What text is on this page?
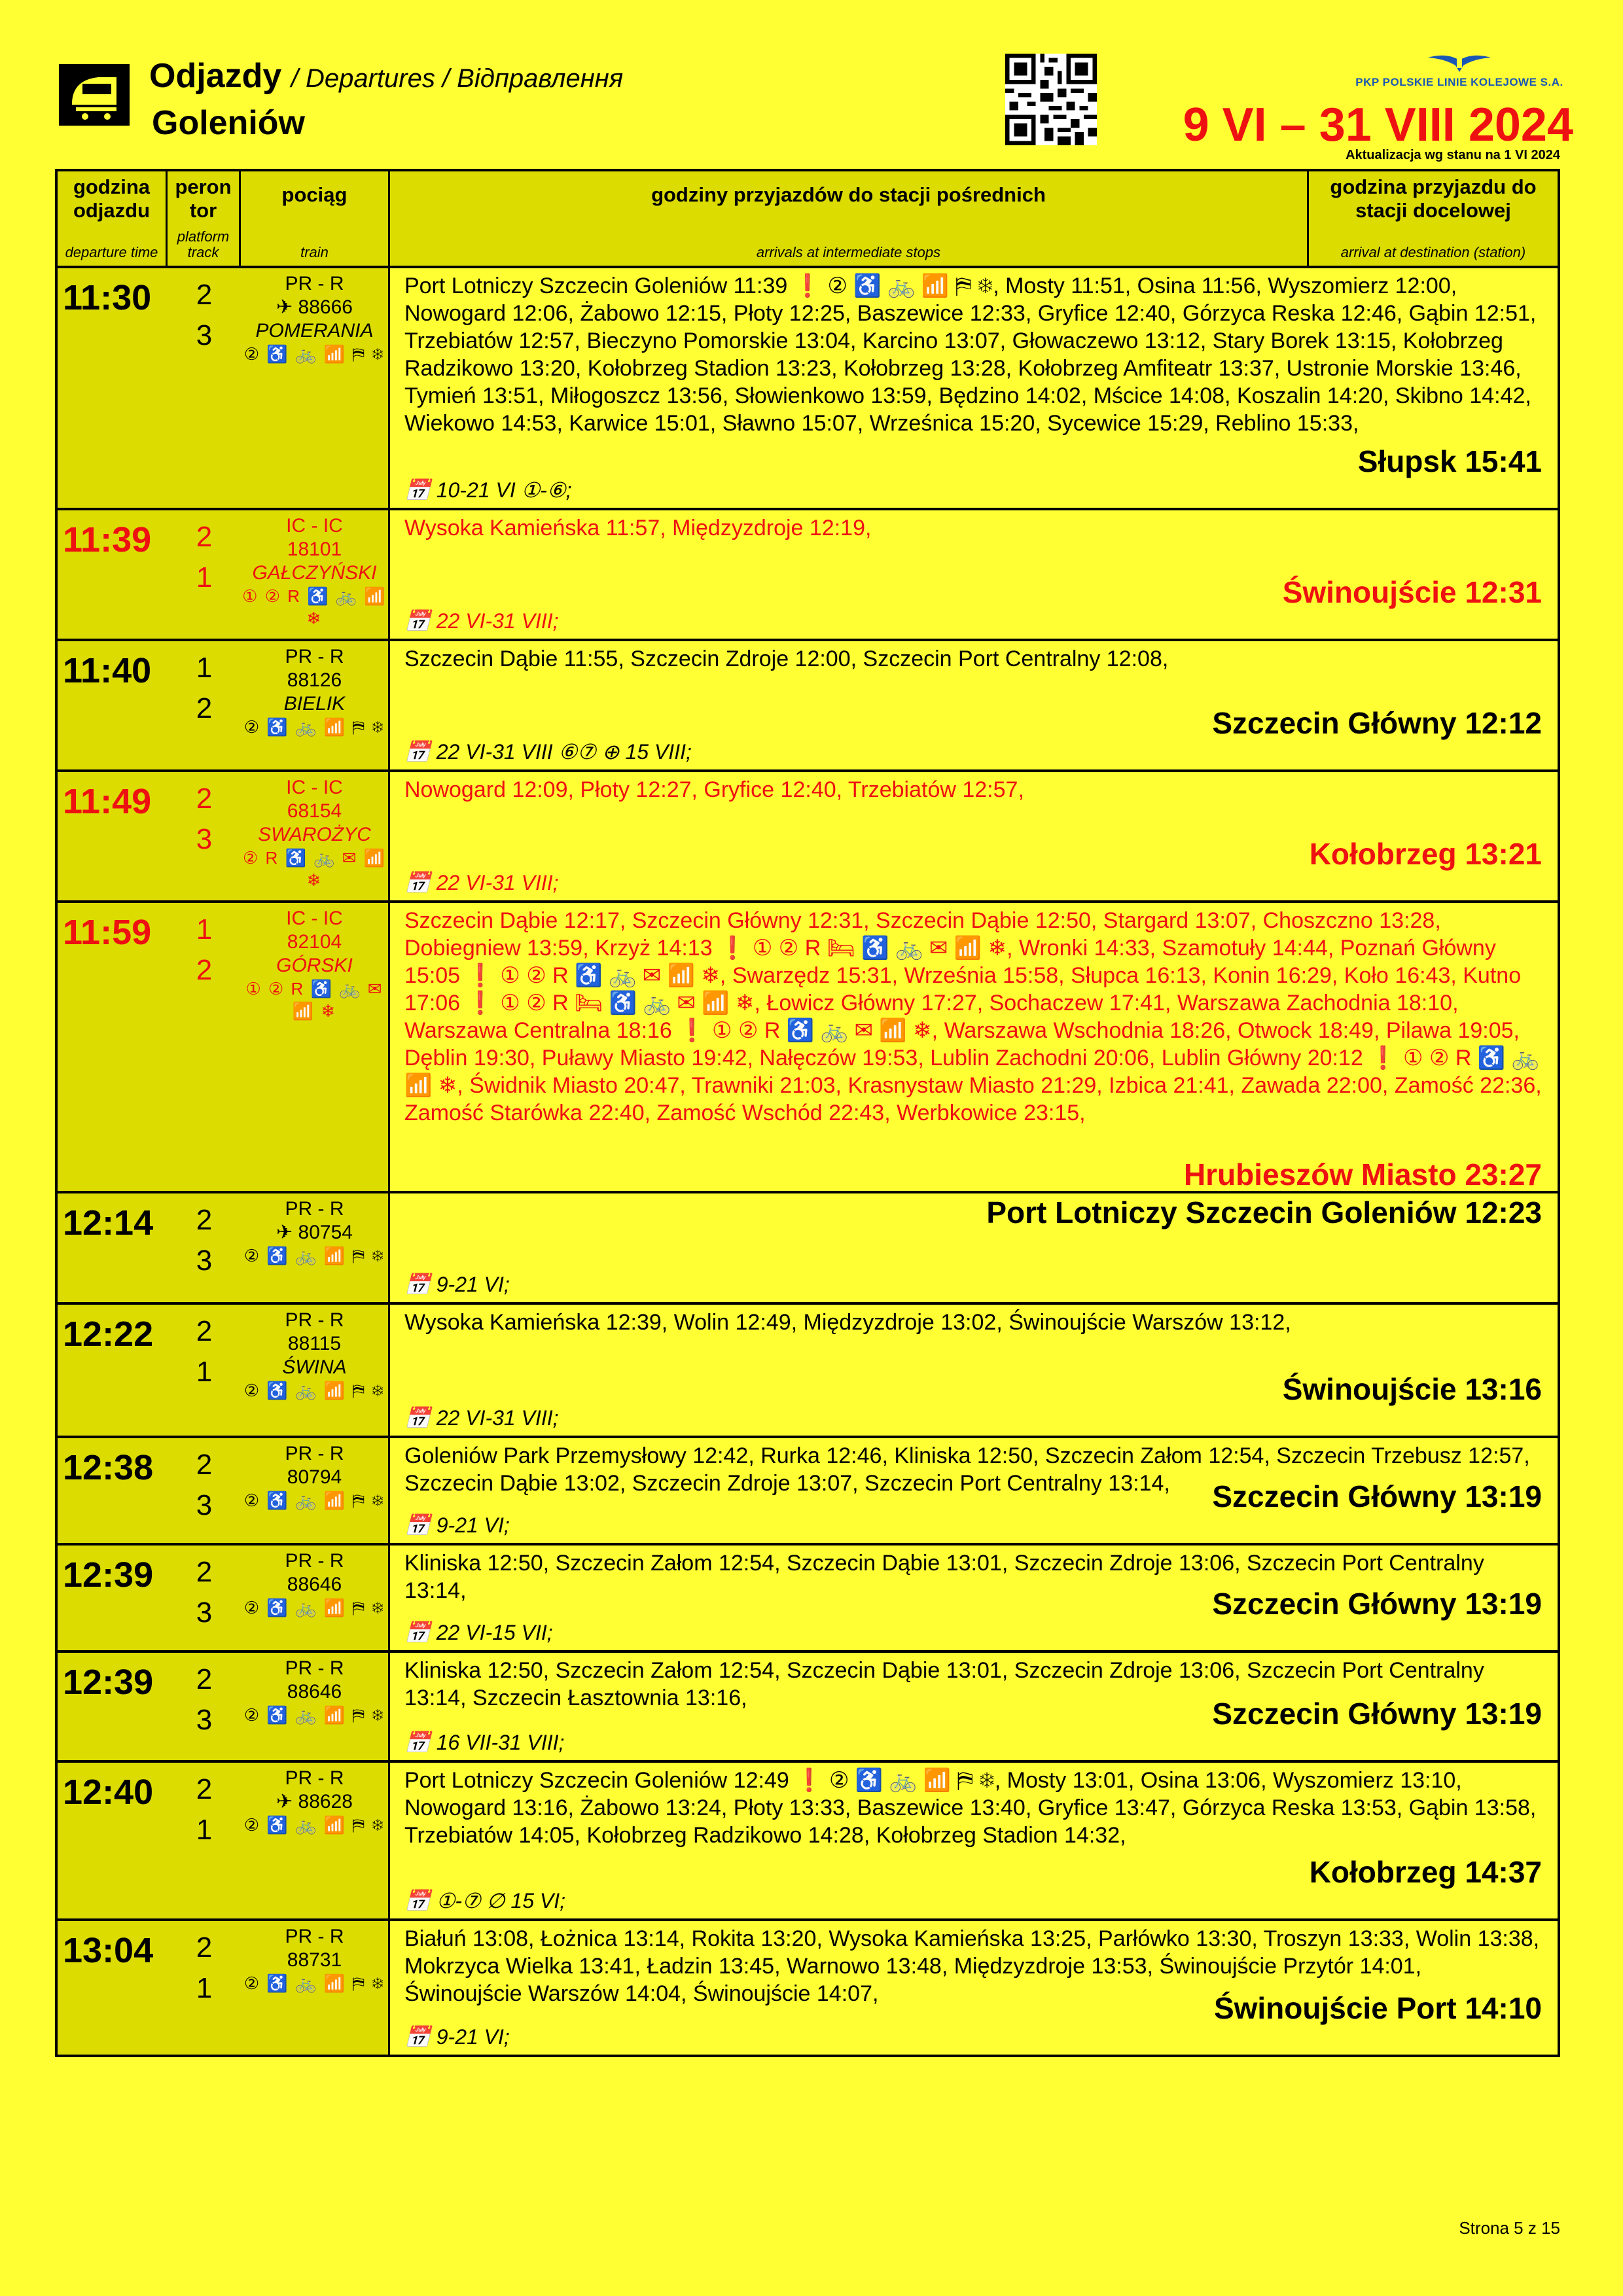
Odjazdy / Departures / Відправлення
Goleniów
PKP POLSKIE LINIE KOLEJOWE S.A.
9 VI – 31 VIII 2024
Aktualizacja wg stanu na 1 VI 2024
godzina odjazdu
departure time
peron tor
platform track
pociąg
train
godziny przyjazdów do stacji pośrednich
arrivals at intermediate stops
godzina przyjazdu do stacji docelowej
arrival at destination (station)
11:30	2
3
PR - R
✈ 88666
POMERANIA
② ♿ 🚲 📶 ⛿ ❄
Port Lotniczy Szczecin Goleniów 11:39 ❗ ② ♿ 🚲 📶 ⛿ ❄, Mosty 11:51, Osina 11:56, Wyszomierz 12:00, Nowogard 12:06, Żabowo 12:15, Płoty 12:25, Baszewice 12:33, Gryfice 12:40, Górzyca Reska 12:46, Gąbin 12:51, Trzebiatów 12:57, Bieczyno Pomorskie 13:04, Karcino 13:07, Głowaczewo 13:12, Stary Borek 13:15, Kołobrzeg Radzikowo 13:20, Kołobrzeg Stadion 13:23, Kołobrzeg 13:28, Kołobrzeg Amfiteatr 13:37, Ustronie Morskie 13:46, Tymień 13:51, Miłogoszcz 13:56, Słowienkowo 13:59, Będzino 14:02, Mścice 14:08, Koszalin 14:20, Skibno 14:42, Wiekowo 14:53, Karwice 15:01, Sławno 15:07, Wrześnica 15:20, Sycewice 15:29, Reblino 15:33,
Słupsk 15:41
📅 10-21 VI ①-⑥;
11:39	2
1
IC - IC
18101
GAŁCZYŃSKI
① ② R ♿ 🚲 📶 ❄
Wysoka Kamieńska 11:57, Międzyzdroje 12:19,
Świnoujście 12:31
📅 22 VI-31 VIII;
11:40	1
2
PR - R
88126
BIELIK
② ♿ 🚲 📶 ⛿ ❄
Szczecin Dąbie 11:55, Szczecin Zdroje 12:00, Szczecin Port Centralny 12:08,
Szczecin Główny 12:12
📅 22 VI-31 VIII ⑥⑦ ⊕ 15 VIII;
11:49	2
3
IC - IC
68154
SWAROŻYC
② R ♿ 🚲 ✉ 📶 ❄
Nowogard 12:09, Płoty 12:27, Gryfice 12:40, Trzebiatów 12:57,
Kołobrzeg 13:21
📅 22 VI-31 VIII;
11:59	1
2
IC - IC
82104
GÓRSKI
① ② R ♿ 🚲 ✉ 📶 ❄
Szczecin Dąbie 12:17, Szczecin Główny 12:31, Szczecin Dąbie 12:50, Stargard 13:07, Choszczno 13:28, Dobiegniew 13:59, Krzyż 14:13 ❗ ① ② R 🛏 ♿ 🚲 ✉ 📶 ❄, Wronki 14:33, Szamotuły 14:44, Poznań Główny 15:05 ❗ ① ② R ♿ 🚲 ✉ 📶 ❄, Swarzędz 15:31, Września 15:58, Słupca 16:13, Konin 16:29, Koło 16:43, Kutno 17:06 ❗ ① ② R 🛏 ♿ 🚲 ✉ 📶 ❄, Łowicz Główny 17:27, Sochaczew 17:41, Warszawa Zachodnia 18:10, Warszawa Centralna 18:16 ❗ ① ② R ♿ 🚲 ✉ 📶 ❄, Warszawa Wschodnia 18:26, Otwock 18:49, Pilawa 19:05, Dęblin 19:30, Puławy Miasto 19:42, Nałęczów 19:53, Lublin Zachodni 20:06, Lublin Główny 20:12 ❗ ① ② R ♿ 🚲 📶 ❄, Świdnik Miasto 20:47, Trawniki 21:03, Krasnystaw Miasto 21:29, Izbica 21:41, Zawada 22:00, Zamość 22:36, Zamość Starówka 22:40, Zamość Wschód 22:43, Werbkowice 23:15,
Hrubieszów Miasto 23:27
12:14	2
3
PR - R
✈ 80754
② ♿ 🚲 📶 ⛿ ❄
Port Lotniczy Szczecin Goleniów 12:23
📅 9-21 VI;
12:22	2
1
PR - R
88115
ŚWINA
② ♿ 🚲 📶 ⛿ ❄
Wysoka Kamieńska 12:39, Wolin 12:49, Międzyzdroje 13:02, Świnoujście Warszów 13:12,
Świnoujście 13:16
📅 22 VI-31 VIII;
12:38	2
3
PR - R
80794
② ♿ 🚲 📶 ⛿ ❄
Goleniów Park Przemysłowy 12:42, Rurka 12:46, Kliniska 12:50, Szczecin Załom 12:54, Szczecin Trzebusz 12:57, Szczecin Dąbie 13:02, Szczecin Zdroje 13:07, Szczecin Port Centralny 13:14,	Szczecin Główny 13:19
📅 9-21 VI;
12:39	2
3
PR - R
88646
② ♿ 🚲 📶 ⛿ ❄
Kliniska 12:50, Szczecin Załom 12:54, Szczecin Dąbie 13:01, Szczecin Zdroje 13:06, Szczecin Port Centralny 13:14,	Szczecin Główny 13:19
📅 22 VI-15 VII;
12:39	2
3
PR - R
88646
② ♿ 🚲 📶 ⛿ ❄
Kliniska 12:50, Szczecin Załom 12:54, Szczecin Dąbie 13:01, Szczecin Zdroje 13:06, Szczecin Port Centralny 13:14, Szczecin Łasztownia 13:16,	Szczecin Główny 13:19
📅 16 VII-31 VIII;
12:40	2
1
PR - R
✈ 88628
② ♿ 🚲 📶 ⛿ ❄
Port Lotniczy Szczecin Goleniów 12:49 ❗ ② ♿ 🚲 📶 ⛿ ❄, Mosty 13:01, Osina 13:06, Wyszomierz 13:10, Nowogard 13:16, Żabowo 13:24, Płoty 13:33, Baszewice 13:40, Gryfice 13:47, Górzyca Reska 13:53, Gąbin 13:58, Trzebiatów 14:05, Kołobrzeg Radzikowo 14:28, Kołobrzeg Stadion 14:32,
Kołobrzeg 14:37
📅 ①-⑦ ∅ 15 VI;
13:04	2
1
PR - R
88731
② ♿ 🚲 📶 ⛿ ❄
Białuń 13:08, Łożnica 13:14, Rokita 13:20, Wysoka Kamieńska 13:25, Parłówko 13:30, Troszyn 13:33, Wolin 13:38, Mokrzyca Wielka 13:41, Ładzin 13:45, Warnowo 13:48, Międzyzdroje 13:53, Świnoujście Przytór 14:01, Świnoujście Warszów 14:04, Świnoujście 14:07,	Świnoujście Port 14:10
📅 9-21 VI;
Strona 5 z 15
